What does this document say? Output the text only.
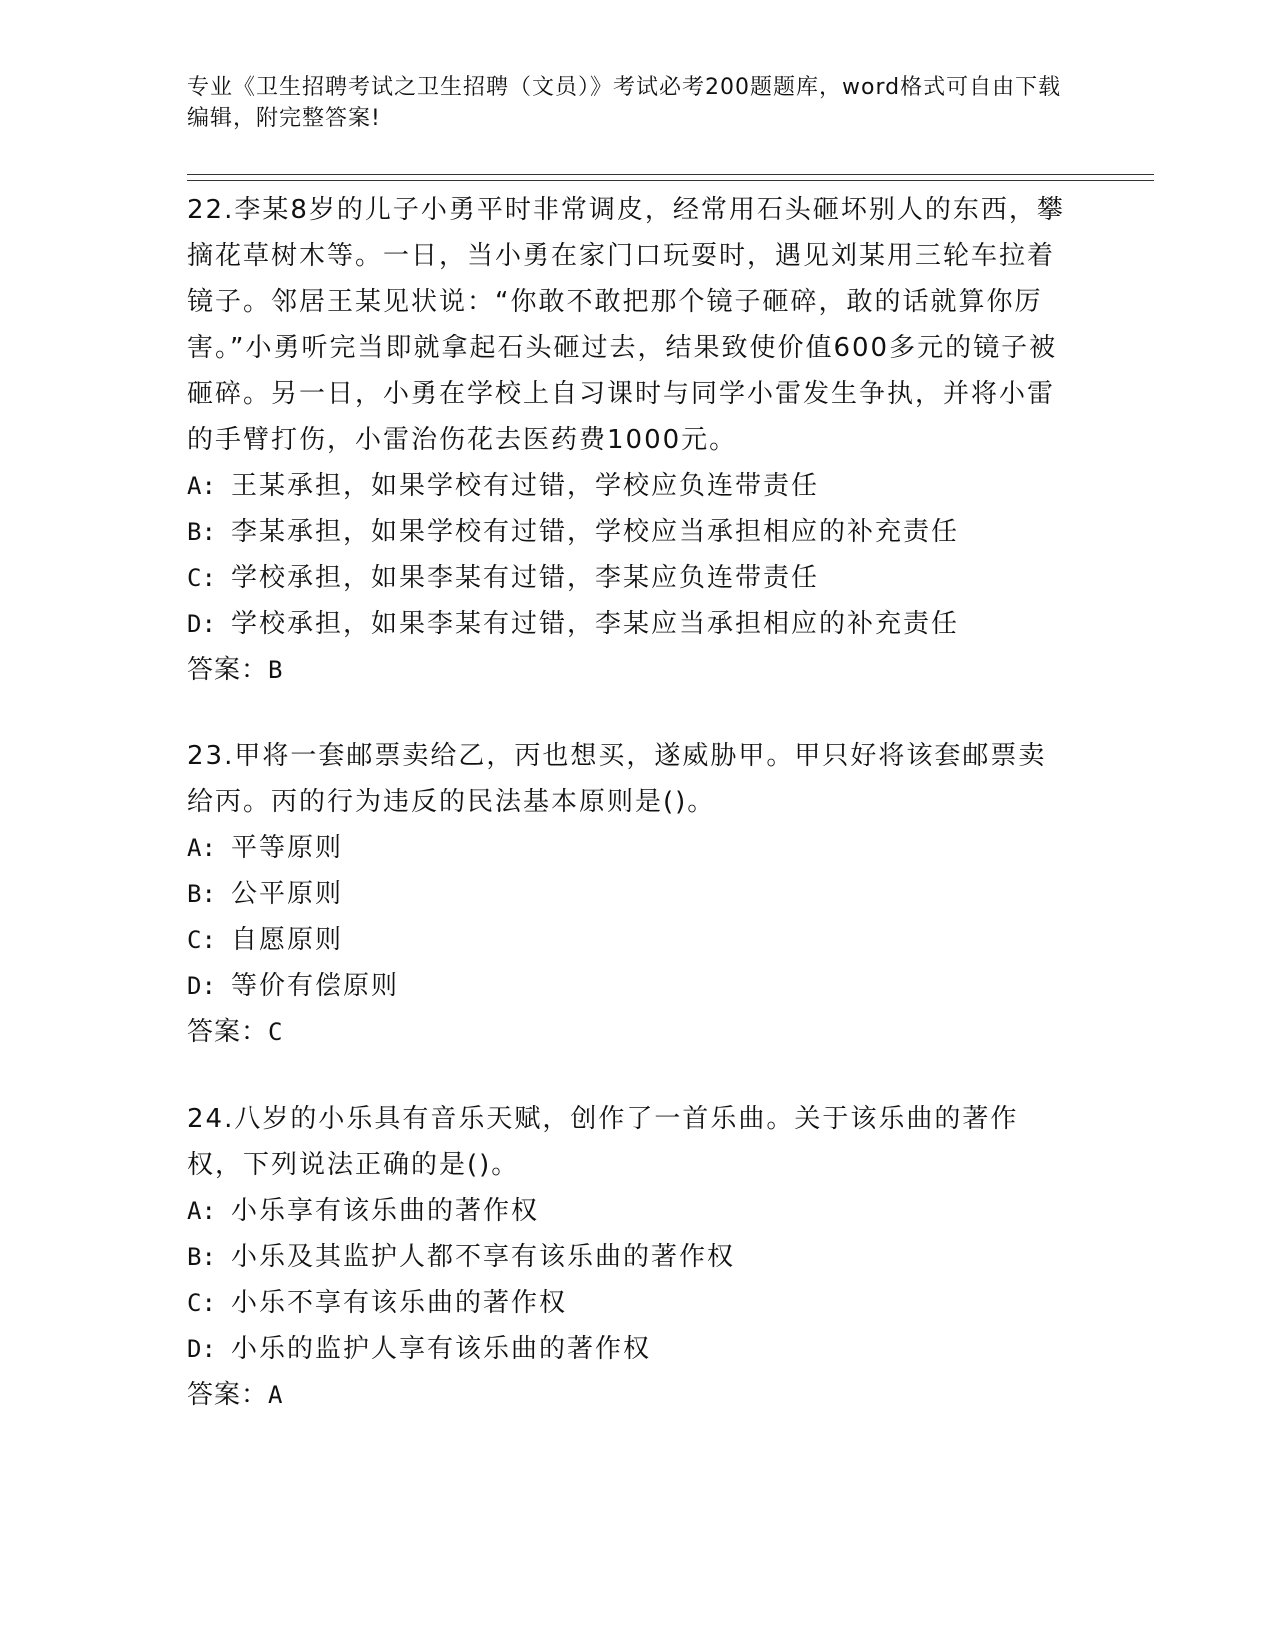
专业《卫生招聘考试之卫生招聘（文员）》考试必考200题题库，word格式可自由下载编辑，附完整答案!
22.李某8岁的儿子小勇平时非常调皮，经常用石头砸坏别人的东西，攀摘花草树木等。一日，当小勇在家门口玩耍时，遇见刘某用三轮车拉着镜子。邻居王某见状说：“你敢不敢把那个镜子砸碎，敢的话就算你厉害。”小勇听完当即就拿起石头砸过去，结果致使价值600多元的镜子被砸碎。另一日，小勇在学校上自习课时与同学小雷发生争执，并将小雷的手臂打伤，小雷治伤花去医药费1000元。
A: 王某承担，如果学校有过错，学校应负连带责任
B: 李某承担，如果学校有过错，学校应当承担相应的补充责任
C: 学校承担，如果李某有过错，李某应负连带责任
D: 学校承担，如果李某有过错，李某应当承担相应的补充责任
答案：B
23.甲将一套邮票卖给乙，丙也想买，遂威胁甲。甲只好将该套邮票卖给丙。丙的行为违反的民法基本原则是()。
A: 平等原则
B: 公平原则
C: 自愿原则
D: 等价有偿原则
答案：C
24.八岁的小乐具有音乐天赋，创作了一首乐曲。关于该乐曲的著作权，下列说法正确的是()。
A: 小乐享有该乐曲的著作权
B: 小乐及其监护人都不享有该乐曲的著作权
C: 小乐不享有该乐曲的著作权
D: 小乐的监护人享有该乐曲的著作权
答案：A
